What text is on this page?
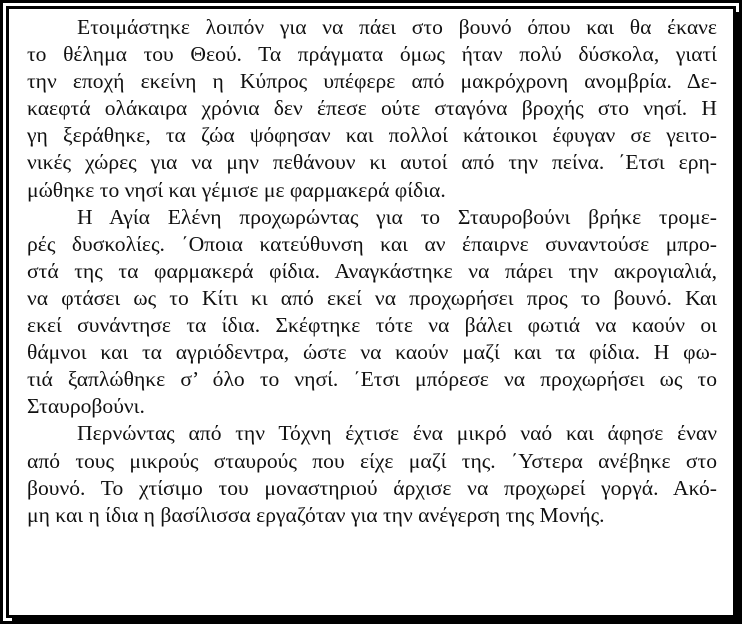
Ετοιμάστηκε λοιπόν για να πάει στο βουνό όπου και θα έκανε
το θέλημα του Θεού. Τα πράγματα όμως ήταν πολύ δύσκολα, γιατί
την εποχή εκείνη η Κύπρος υπέφερε από μακρόχρονη ανομβρία. Δε-
καεφτά ολάκαιρα χρόνια δεν έπεσε ούτε σταγόνα βροχής στο νησί. Η
γη ξεράθηκε, τα ζώα ψόφησαν και πολλοί κάτοικοι έφυγαν σε γειτο-
νικές χώρες για να μην πεθάνουν κι αυτοί από την πείνα. ΄Ετσι ερη-
μώθηκε το νησί και γέμισε με φαρμακερά φίδια.
Η Αγία Ελένη προχωρώντας για το Σταυροβούνι βρήκε τρομε-
ρές δυσκολίες. ΄Οποια κατεύθυνση και αν έπαιρνε συναντούσε μπρο-
στά της τα φαρμακερά φίδια. Αναγκάστηκε να πάρει την ακρογιαλιά,
να φτάσει ως το Κίτι κι από εκεί να προχωρήσει προς το βουνό. Και
εκεί συνάντησε τα ίδια. Σκέφτηκε τότε να βάλει φωτιά να καούν οι
θάμνοι και τα αγριόδεντρα, ώστε να καούν μαζί και τα φίδια. Η φω-
τιά ξαπλώθηκε σ’ όλο το νησί. ΄Ετσι μπόρεσε να προχωρήσει ως το
Σταυροβούνι.
Περνώντας από την Τόχνη έχτισε ένα μικρό ναό και άφησε έναν
από τους μικρούς σταυρούς που είχε μαζί της. ΄Υστερα ανέβηκε στο
βουνό. Το χτίσιμο του μοναστηριού άρχισε να προχωρεί γοργά. Ακό-
μη και η ίδια η βασίλισσα εργαζόταν για την ανέγερση της Μονής.
